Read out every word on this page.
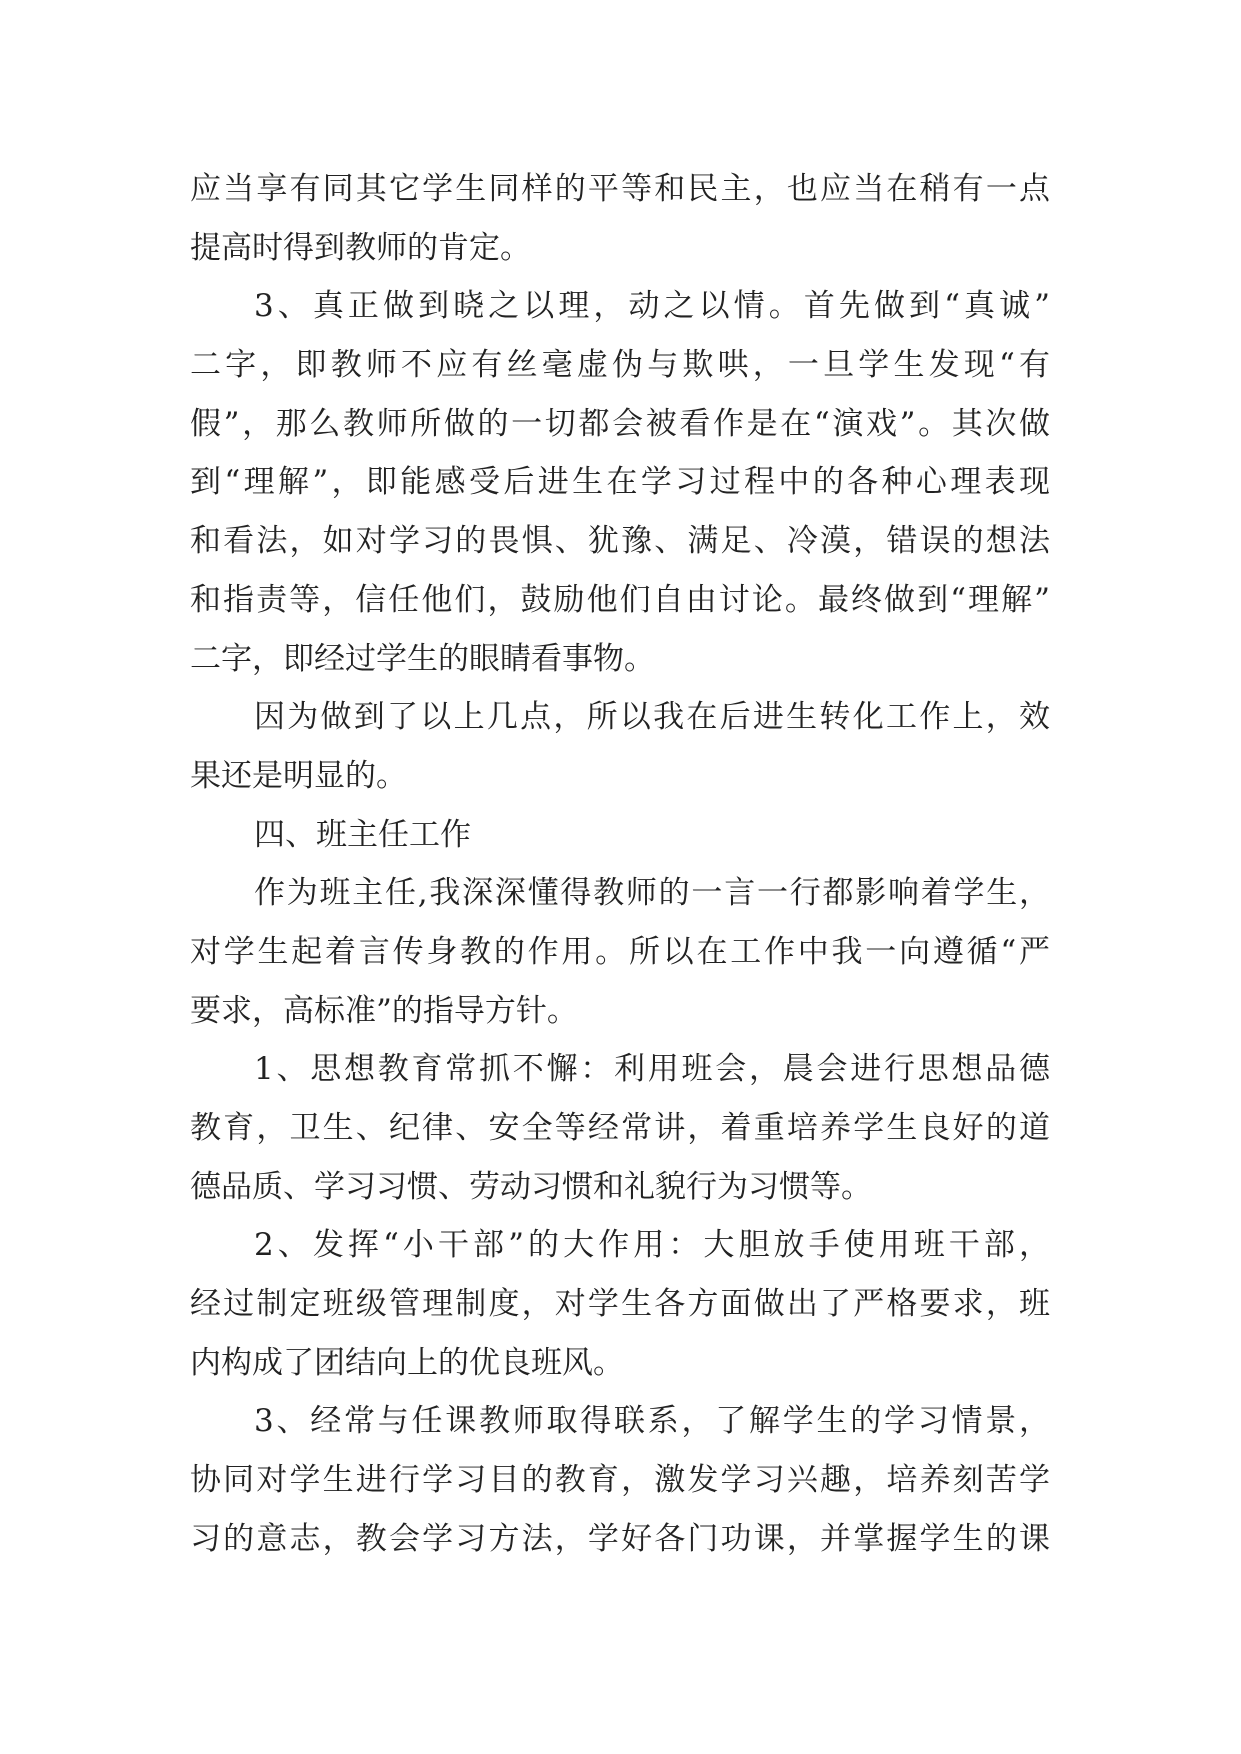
应当享有同其它学生同样的平等和民主，也应当在稍有一点
提高时得到教师的肯定。
3、真正做到晓之以理，动之以情。首先做到“真诚”
二字，即教师不应有丝毫虚伪与欺哄，一旦学生发现“有
假”，那么教师所做的一切都会被看作是在“演戏”。其次做
到“理解”，即能感受后进生在学习过程中的各种心理表现
和看法，如对学习的畏惧、犹豫、满足、冷漠，错误的想法
和指责等，信任他们，鼓励他们自由讨论。最终做到“理解”
二字，即经过学生的眼睛看事物。
因为做到了以上几点，所以我在后进生转化工作上，效
果还是明显的。
四、班主任工作
作为班主任,我深深懂得教师的一言一行都影响着学生，
对学生起着言传身教的作用。所以在工作中我一向遵循“严
要求，高标准”的指导方针。
1、思想教育常抓不懈：利用班会，晨会进行思想品德
教育，卫生、纪律、安全等经常讲，着重培养学生良好的道
德品质、学习习惯、劳动习惯和礼貌行为习惯等。
2、发挥“小干部”的大作用：大胆放手使用班干部，
经过制定班级管理制度，对学生各方面做出了严格要求，班
内构成了团结向上的优良班风。
3、经常与任课教师取得联系，了解学生的学习情景，
协同对学生进行学习目的教育，激发学习兴趣，培养刻苦学
习的意志，教会学习方法，学好各门功课，并掌握学生的课
